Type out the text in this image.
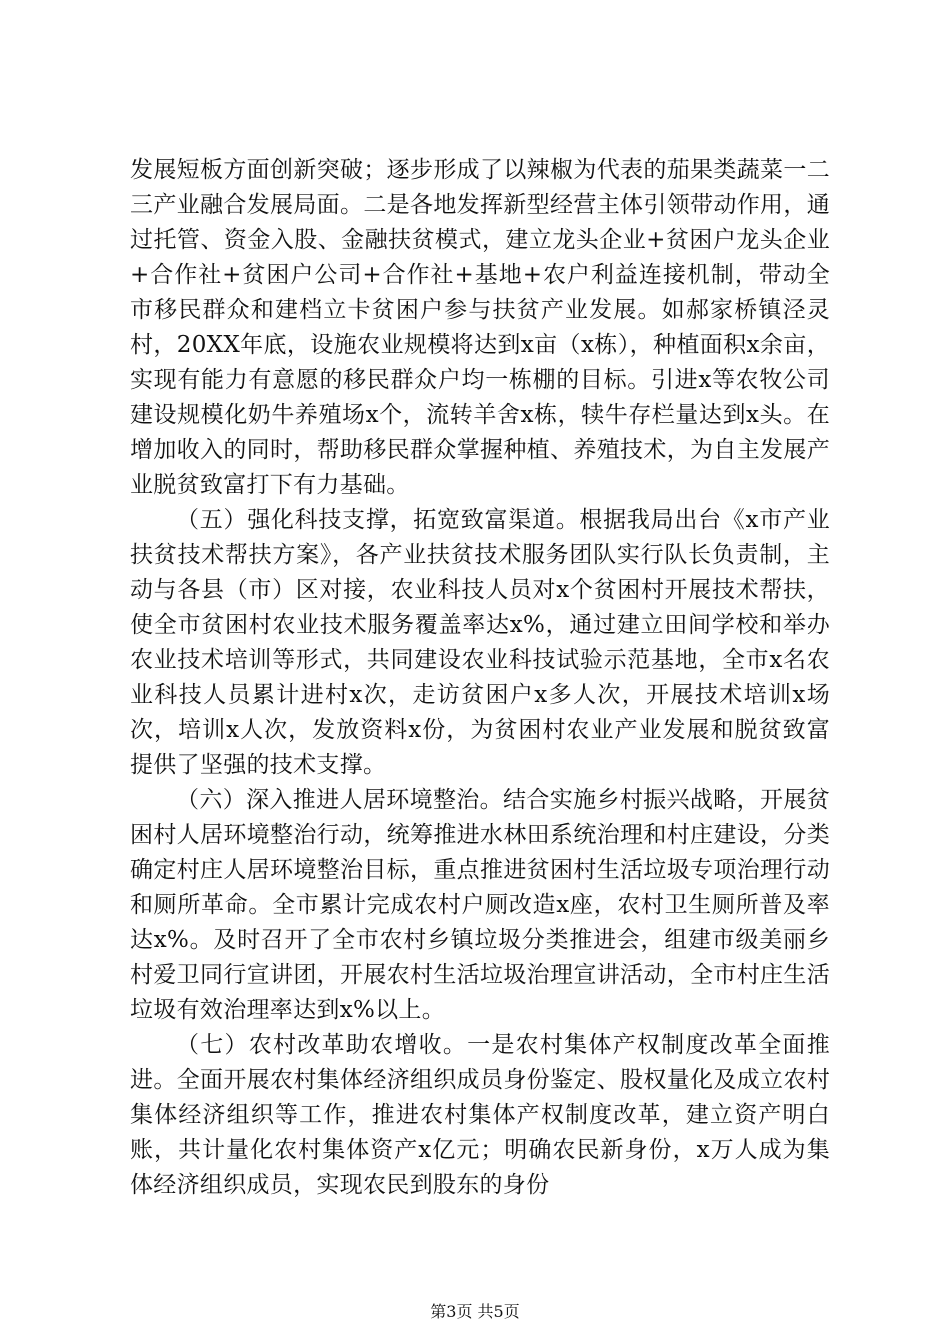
发展短板方面创新突破；逐步形成了以辣椒为代表的茄果类蔬菜一二三产业融合发展局面。二是各地发挥新型经营主体引领带动作用，通过托管、资金入股、金融扶贫模式，建立龙头企业+贫困户龙头企业+合作社+贫困户公司+合作社+基地+农户利益连接机制，带动全市移民群众和建档立卡贫困户参与扶贫产业发展。如郝家桥镇泾灵村，20XX年底，设施农业规模将达到x亩（x栋），种植面积x余亩，实现有能力有意愿的移民群众户均一栋棚的目标。引进x等农牧公司建设规模化奶牛养殖场x个，流转羊舍x栋，犊牛存栏量达到x头。在增加收入的同时，帮助移民群众掌握种植、养殖技术，为自主发展产业脱贫致富打下有力基础。

（五）强化科技支撑，拓宽致富渠道。根据我局出台《x市产业扶贫技术帮扶方案》，各产业扶贫技术服务团队实行队长负责制，主动与各县（市）区对接，农业科技人员对x个贫困村开展技术帮扶，使全市贫困村农业技术服务覆盖率达x%，通过建立田间学校和举办农业技术培训等形式，共同建设农业科技试验示范基地，全市x名农业科技人员累计进村x次，走访贫困户x多人次，开展技术培训x场次，培训x人次，发放资料x份，为贫困村农业产业发展和脱贫致富提供了坚强的技术支撑。

（六）深入推进人居环境整治。结合实施乡村振兴战略，开展贫困村人居环境整治行动，统筹推进水林田系统治理和村庄建设，分类确定村庄人居环境整治目标，重点推进贫困村生活垃圾专项治理行动和厕所革命。全市累计完成农村户厕改造x座，农村卫生厕所普及率达x%。及时召开了全市农村乡镇垃圾分类推进会，组建市级美丽乡村爱卫同行宣讲团，开展农村生活垃圾治理宣讲活动，全市村庄生活垃圾有效治理率达到x%以上。

（七）农村改革助农增收。一是农村集体产权制度改革全面推进。全面开展农村集体经济组织成员身份鉴定、股权量化及成立农村集体经济组织等工作，推进农村集体产权制度改革，建立资产明白账，共计量化农村集体资产x亿元；明确农民新身份，x万人成为集体经济组织成员，实现农民到股东的身份

第3页 共5页
